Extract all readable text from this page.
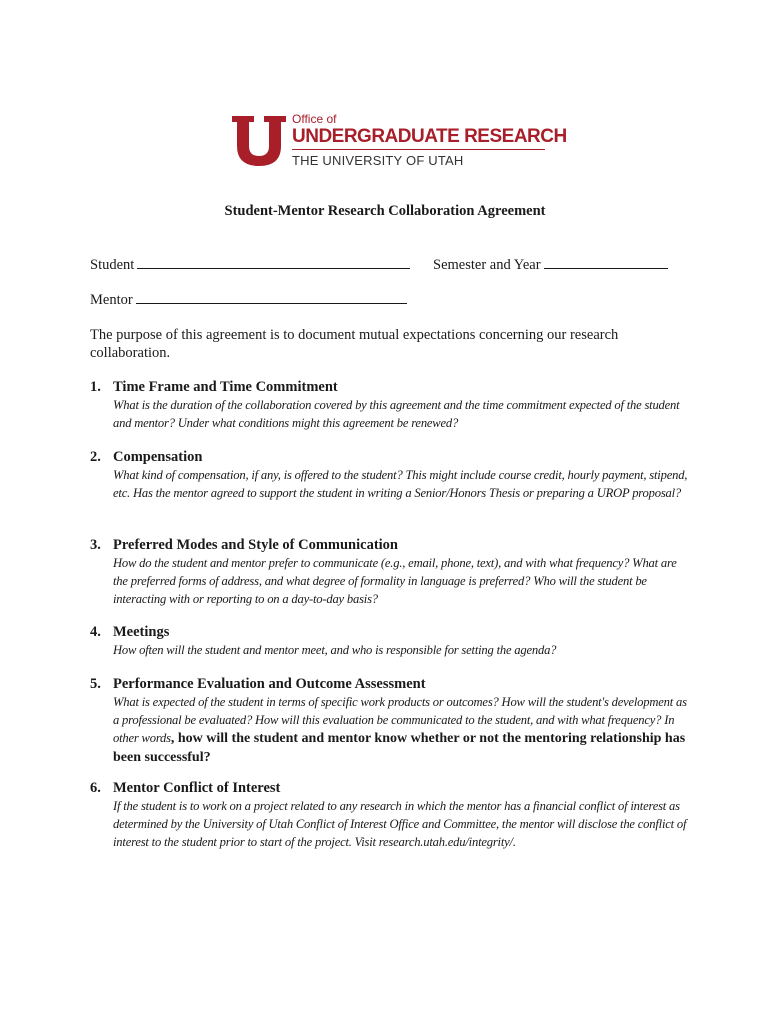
Office of
UNDERGRADUATE RESEARCH
THE UNIVERSITY OF UTAH
Student-Mentor Research Collaboration Agreement
Student	Semester and Year
Mentor
The purpose of this agreement is to document mutual expectations concerning our research collaboration.
1. Time Frame and Time Commitment
What is the duration of the collaboration covered by this agreement and the time commitment expected of the student and mentor? Under what conditions might this agreement be renewed?
2. Compensation
What kind of compensation, if any, is offered to the student? This might include course credit, hourly payment, stipend, etc. Has the mentor agreed to support the student in writing a Senior/Honors Thesis or preparing a UROP proposal?
3. Preferred Modes and Style of Communication
How do the student and mentor prefer to communicate (e.g., email, phone, text), and with what frequency? What are the preferred forms of address, and what degree of formality in language is preferred? Who will the student be interacting with or reporting to on a day-to-day basis?
4. Meetings
How often will the student and mentor meet, and who is responsible for setting the agenda?
5. Performance Evaluation and Outcome Assessment
What is expected of the student in terms of specific work products or outcomes? How will the student's development as a professional be evaluated? How will this evaluation be communicated to the student, and with what frequency? In other words, how will the student and mentor know whether or not the mentoring relationship has been successful?
6. Mentor Conflict of Interest
If the student is to work on a project related to any research in which the mentor has a financial conflict of interest as determined by the University of Utah Conflict of Interest Office and Committee, the mentor will disclose the conflict of interest to the student prior to start of the project. Visit research.utah.edu/integrity/.
